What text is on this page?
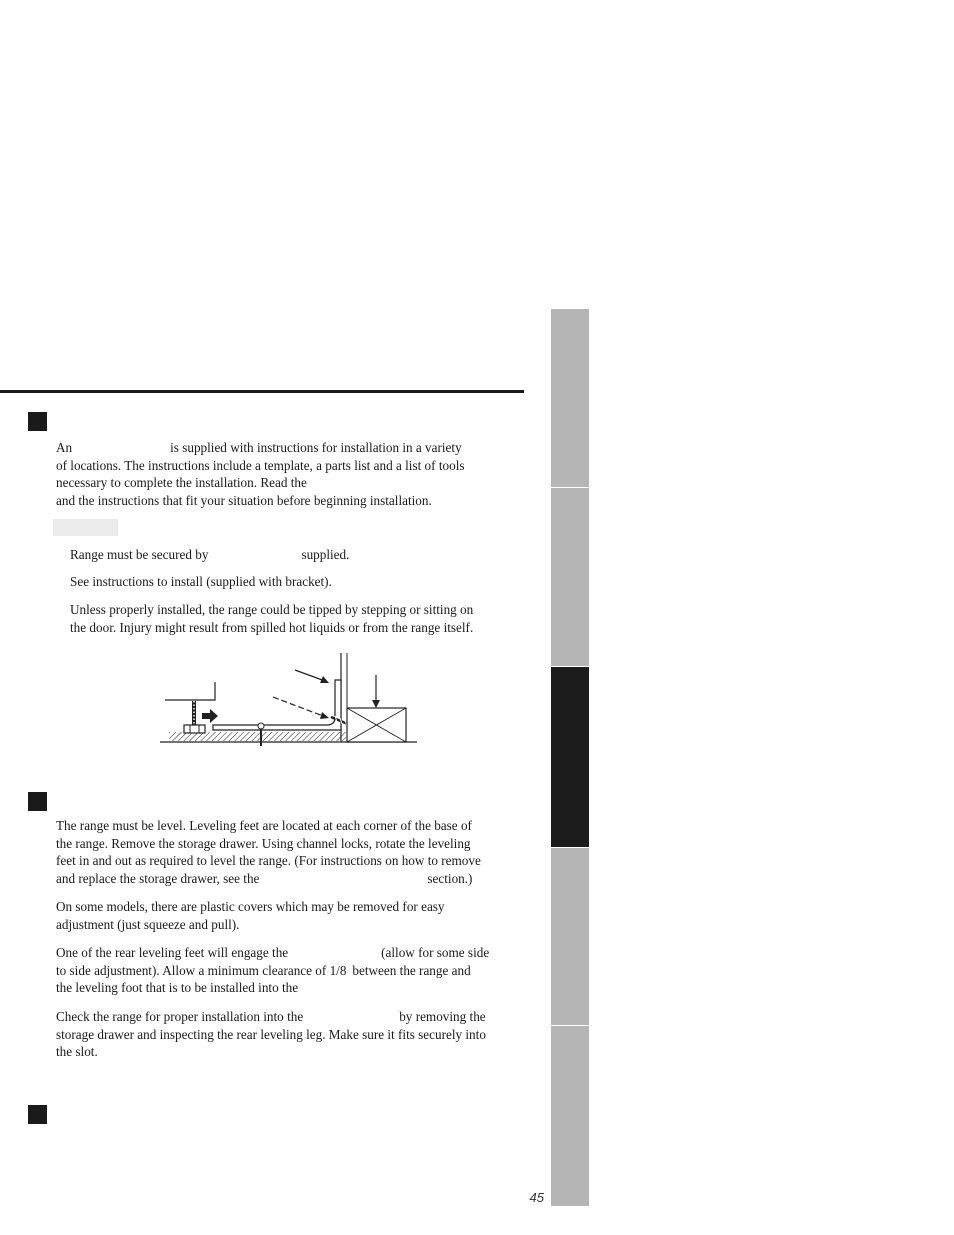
An	is supplied with instructions for installation in a variety
of locations. The instructions include a template, a parts list and a list of tools
necessary to complete the installation. Read the
and the instructions that fit your situation before beginning installation.
Range must be secured by	supplied.
See instructions to install (supplied with bracket).
Unless properly installed, the range could be tipped by stepping or sitting on
the door. Injury might result from spilled hot liquids or from the range itself.
The range must be level. Leveling feet are located at each corner of the base of
the range. Remove the storage drawer. Using channel locks, rotate the leveling
feet in and out as required to level the range. (For instructions on how to remove
and replace the storage drawer, see the	section.)
On some models, there are plastic covers which may be removed for easy
adjustment (just squeeze and pull).
One of the rear leveling feet will engage the	(allow for some side
to side adjustment). Allow a minimum clearance of 1/8 between the range and
the leveling foot that is to be installed into the
Check the range for proper installation into the	by removing the
storage drawer and inspecting the rear leveling leg. Make sure it fits securely into
the slot.
45
